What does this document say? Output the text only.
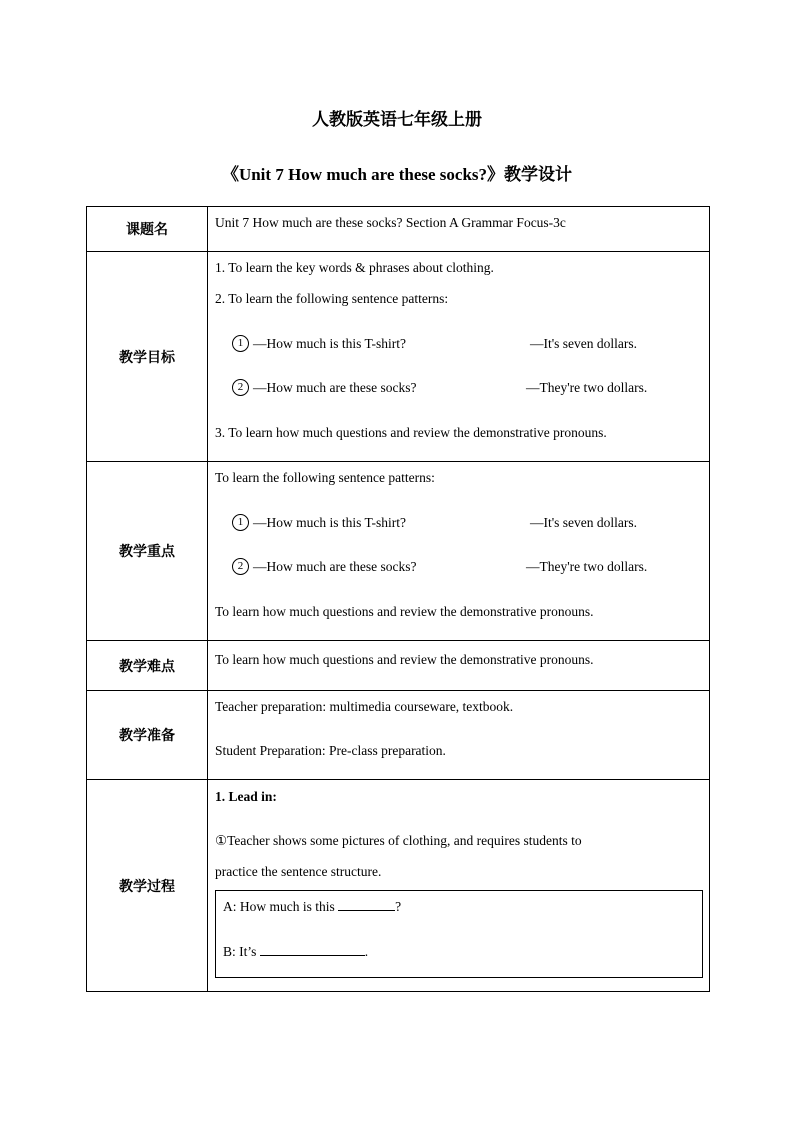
人教版英语七年级上册
《Unit 7 How much are these socks?》教学设计
课题名	Unit 7 How much are these socks? Section A Grammar Focus-3c

教学目标	1. To learn the key words & phrases about clothing.
2. To learn the following sentence patterns:
1 —How much is this T-shirt? —It's seven dollars.
2 —How much are these socks? —They're two dollars.
3. To learn how much questions and review the demonstrative pronouns.

教学重点	To learn the following sentence patterns:
1 —How much is this T-shirt? —It's seven dollars.
2 —How much are these socks? —They're two dollars.
To learn how much questions and review the demonstrative pronouns.

教学难点	To learn how much questions and review the demonstrative pronouns.

教学准备	Teacher preparation: multimedia courseware, textbook.
Student Preparation: Pre-class preparation.

教学过程	1. Lead in:
①Teacher shows some pictures of clothing, and requires students to
practice the sentence structure.
A: How much is this ?
B: It’s .
